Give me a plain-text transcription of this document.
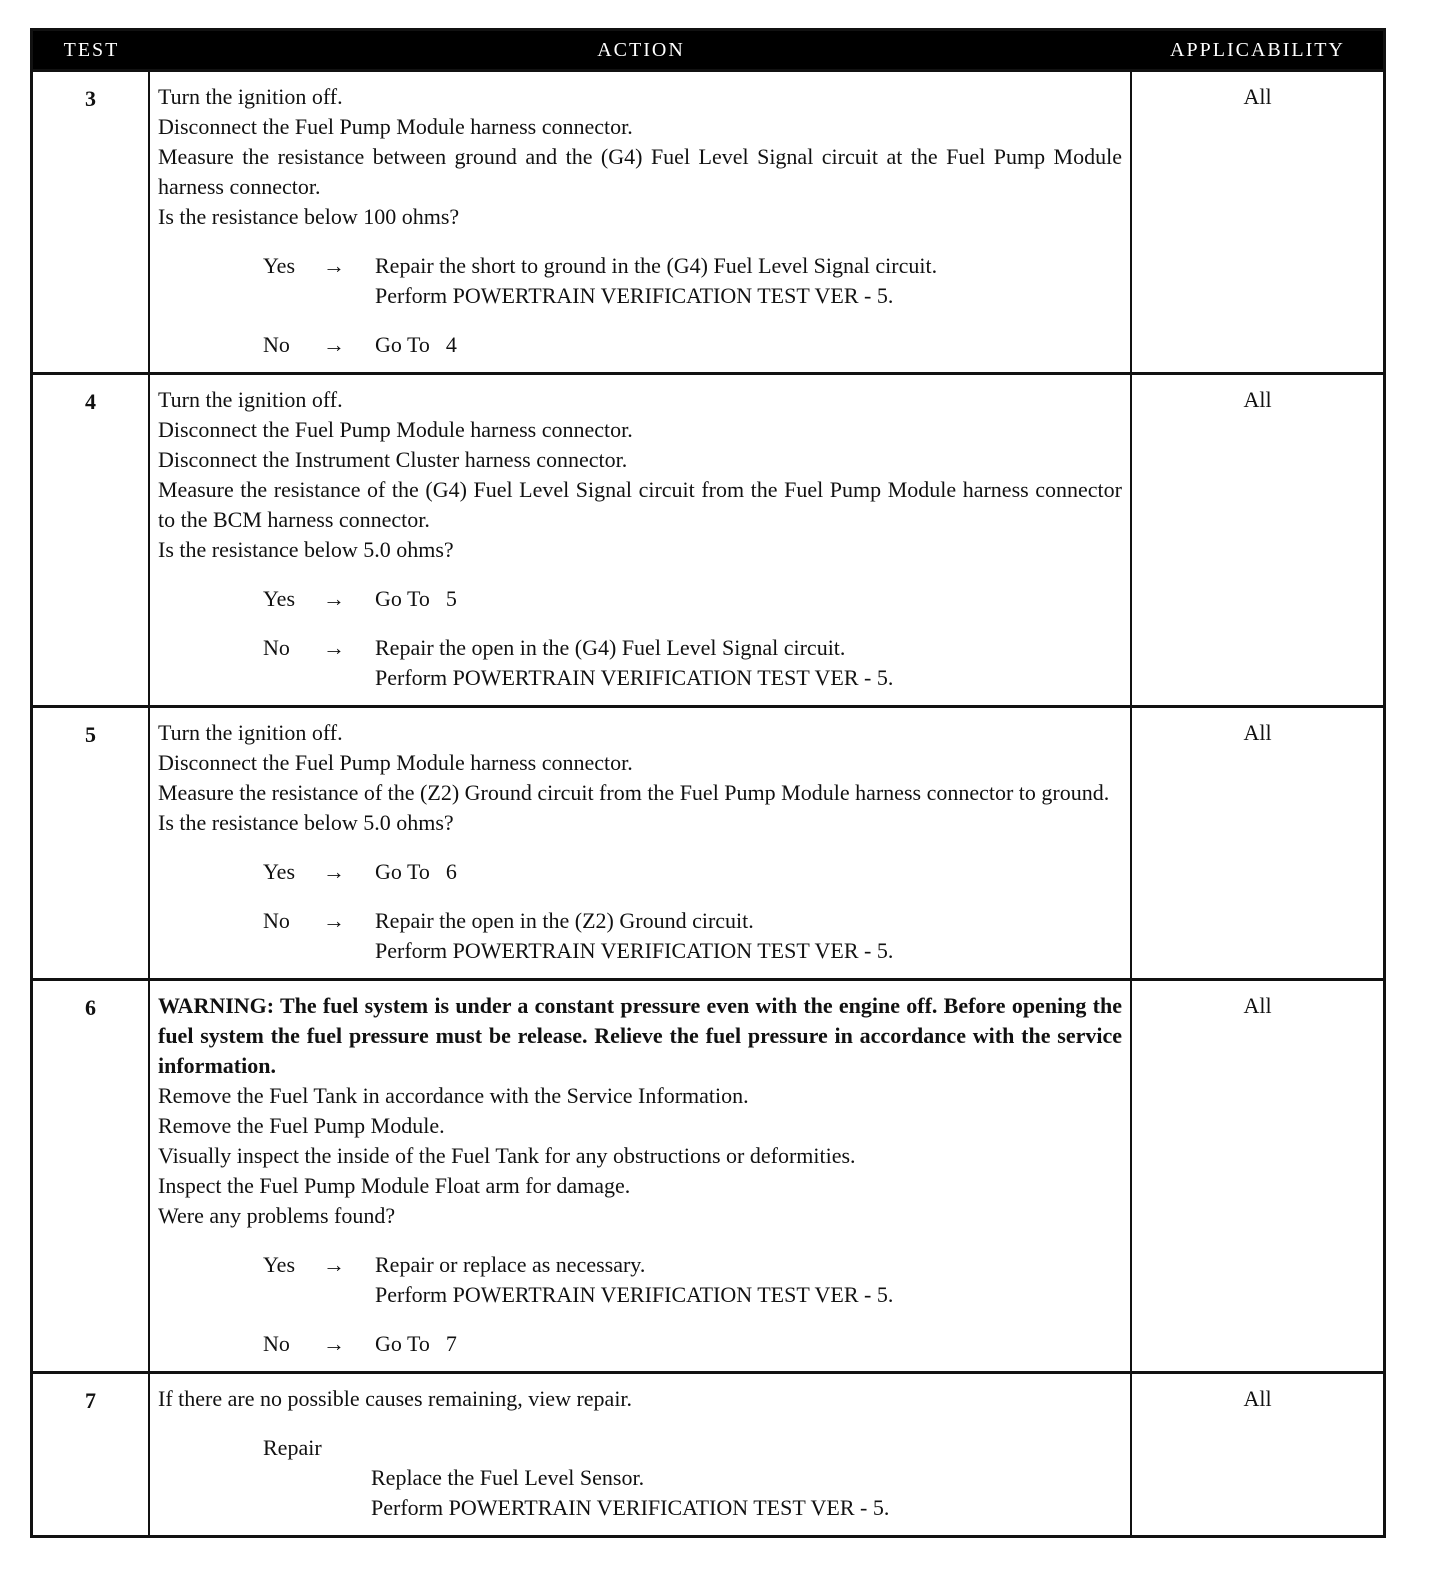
TEST	ACTION	APPLICABILITY
3	Turn the ignition off.
Disconnect the Fuel Pump Module harness connector.
Measure the resistance between ground and the (G4) Fuel Level Signal circuit at the Fuel Pump Module harness connector.
Is the resistance below 100 ohms?
Yes	→	Repair the short to ground in the (G4) Fuel Level Signal circuit.
Perform POWERTRAIN VERIFICATION TEST VER - 5.
No	→	Go To 4
All
4	Turn the ignition off.
Disconnect the Fuel Pump Module harness connector.
Disconnect the Instrument Cluster harness connector.
Measure the resistance of the (G4) Fuel Level Signal circuit from the Fuel Pump Module harness connector to the BCM harness connector.
Is the resistance below 5.0 ohms?
Yes	→	Go To 5
No	→	Repair the open in the (G4) Fuel Level Signal circuit.
Perform POWERTRAIN VERIFICATION TEST VER - 5.
All
5	Turn the ignition off.
Disconnect the Fuel Pump Module harness connector.
Measure the resistance of the (Z2) Ground circuit from the Fuel Pump Module harness connector to ground.
Is the resistance below 5.0 ohms?
Yes	→	Go To 6
No	→	Repair the open in the (Z2) Ground circuit.
Perform POWERTRAIN VERIFICATION TEST VER - 5.
All
6	WARNING: The fuel system is under a constant pressure even with the engine off. Before opening the fuel system the fuel pressure must be release. Relieve the fuel pressure in accordance with the service information.
Remove the Fuel Tank in accordance with the Service Information.
Remove the Fuel Pump Module.
Visually inspect the inside of the Fuel Tank for any obstructions or deformities.
Inspect the Fuel Pump Module Float arm for damage.
Were any problems found?
Yes	→	Repair or replace as necessary.
Perform POWERTRAIN VERIFICATION TEST VER - 5.
No	→	Go To 7
All
7	If there are no possible causes remaining, view repair.
Repair
Replace the Fuel Level Sensor.
Perform POWERTRAIN VERIFICATION TEST VER - 5.
All
